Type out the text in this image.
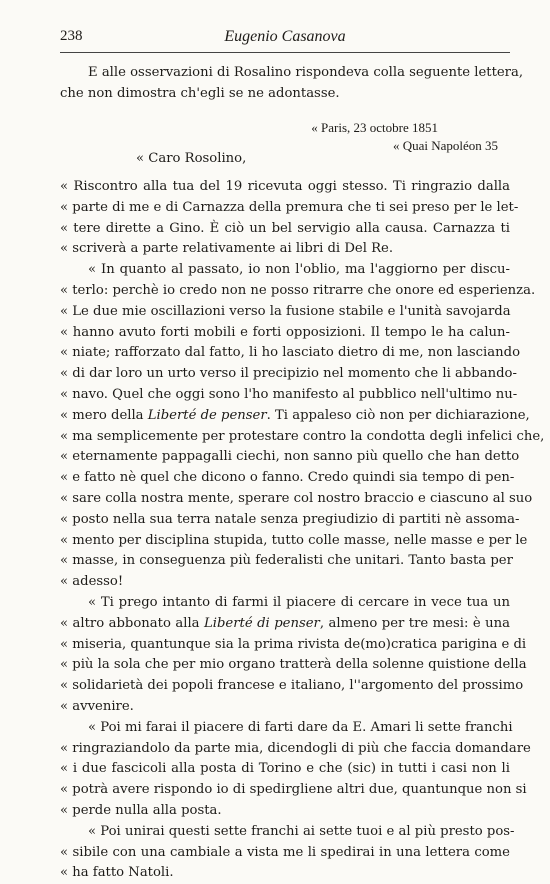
238	Eugenio Casanova
E alle osservazioni di Rosalino rispondeva colla seguente lettera,
che non dimostra ch'egli se ne adontasse.
« Paris, 23 octobre 1851
« Quai Napoléon 35
« Caro Rosolino,
« Riscontro alla tua del 19 ricevuta oggi stesso. Ti ringrazio dalla
« parte di me e di Carnazza della premura che ti sei preso per le let-
« tere dirette a Gino. È ciò un bel servigio alla causa. Carnazza ti
« scriverà a parte relativamente ai libri di Del Re.
« In quanto al passato, io non l'oblio, ma l'aggiorno per discu-
« terlo: perchè io credo non ne posso ritrarre che onore ed esperienza.
« Le due mie oscillazioni verso la fusione stabile e l'unità savojarda
« hanno avuto forti mobili e forti opposizioni. Il tempo le ha calun-
« niate; rafforzato dal fatto, li ho lasciato dietro di me, non lasciando
« di dar loro un urto verso il precipizio nel momento che li abbando-
« navo. Quel che oggi sono l'ho manifesto al pubblico nell'ultimo nu-
« mero della Liberté de penser. Ti appaleso ciò non per dichiarazione,
« ma semplicemente per protestare contro la condotta degli infelici che,
« eternamente pappagalli ciechi, non sanno più quello che han detto
« e fatto nè quel che dicono o fanno. Credo quindi sia tempo di pen-
« sare colla nostra mente, sperare col nostro braccio e ciascuno al suo
« posto nella sua terra natale senza pregiudizio di partiti nè assoma-
« mento per disciplina stupida, tutto colle masse, nelle masse e per le
« masse, in conseguenza più federalisti che unitari. Tanto basta per
« adesso!
« Ti prego intanto di farmi il piacere di cercare in vece tua un
« altro abbonato alla Liberté di penser, almeno per tre mesi: è una
« miseria, quantunque sia la prima rivista de(mo)cratica parigina e di
« più la sola che per mio organo tratterà della solenne quistione della
« solidarietà dei popoli francese e italiano, l''argomento del prossimo
« avvenire.
« Poi mi farai il piacere di farti dare da E. Amari li sette franchi
« ringraziandolo da parte mia, dicendogli di più che faccia domandare
« i due fascicoli alla posta di Torino e che (sic) in tutti i casi non li
« potrà avere rispondo io di spedirgliene altri due, quantunque non si
« perde nulla alla posta.
« Poi unirai questi sette franchi ai sette tuoi e al più presto pos-
« sibile con una cambiale a vista me li spedirai in una lettera come
« ha fatto Natoli.
